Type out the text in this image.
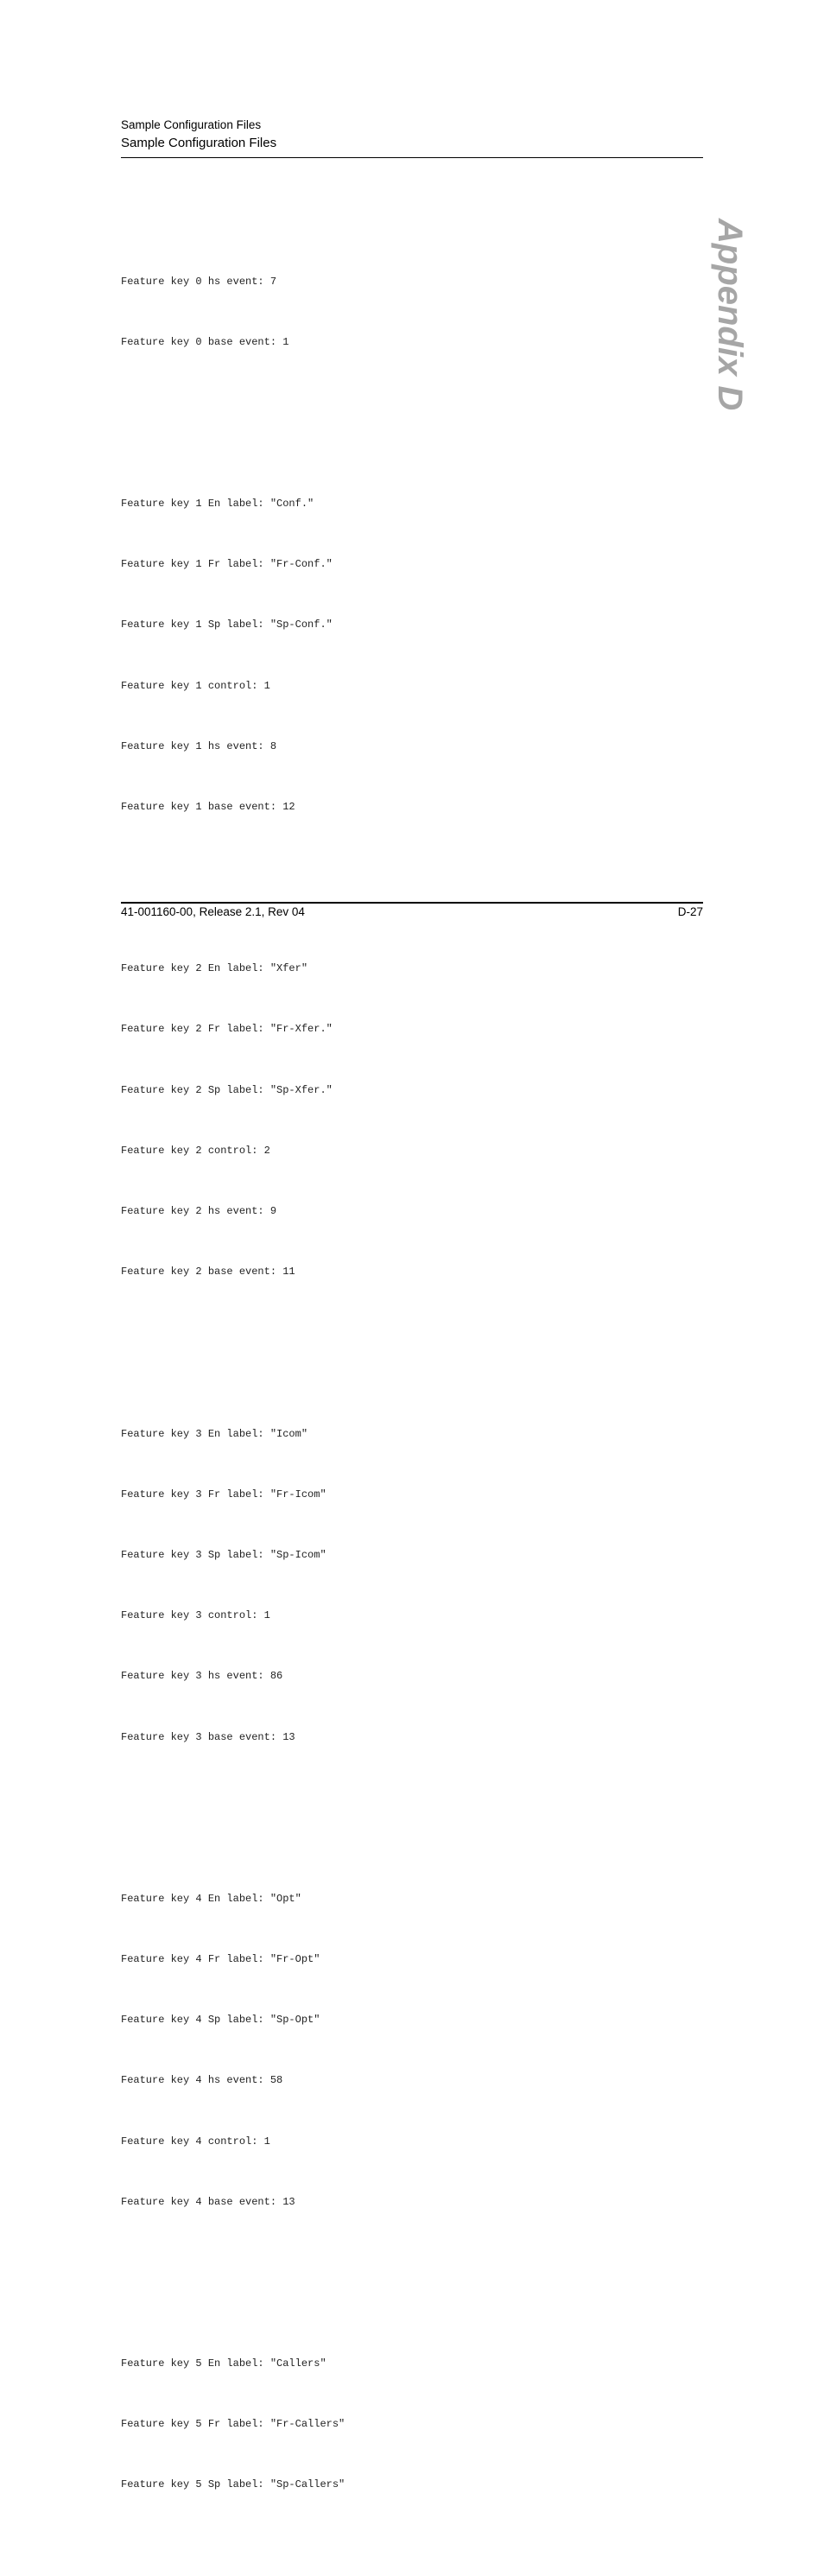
Sample Configuration Files
Sample Configuration Files

Feature key 0 hs event: 7

Feature key 0 base event: 1

Feature key 1 En label: "Conf."

Feature key 1 Fr label: "Fr-Conf."

Feature key 1 Sp label: "Sp-Conf."

Feature key 1 control: 1

Feature key 1 hs event: 8

Feature key 1 base event: 12

Feature key 2 En label: "Xfer"

Feature key 2 Fr label: "Fr-Xfer."

Feature key 2 Sp label: "Sp-Xfer."

Feature key 2 control: 2

Feature key 2 hs event: 9

Feature key 2 base event: 11

Feature key 3 En label: "Icom"

Feature key 3 Fr label: "Fr-Icom"

Feature key 3 Sp label: "Sp-Icom"

Feature key 3 control: 1

Feature key 3 hs event: 86

Feature key 3 base event: 13

Feature key 4 En label: "Opt"

Feature key 4 Fr label: "Fr-Opt"

Feature key 4 Sp label: "Sp-Opt"

Feature key 4 hs event: 58

Feature key 4 control: 1

Feature key 4 base event: 13

Feature key 5 En label: "Callers"

Feature key 5 Fr label: "Fr-Callers"

Feature key 5 Sp label: "Sp-Callers"

Appendix D
41-001160-00, Release 2.1, Rev 04	D-27
